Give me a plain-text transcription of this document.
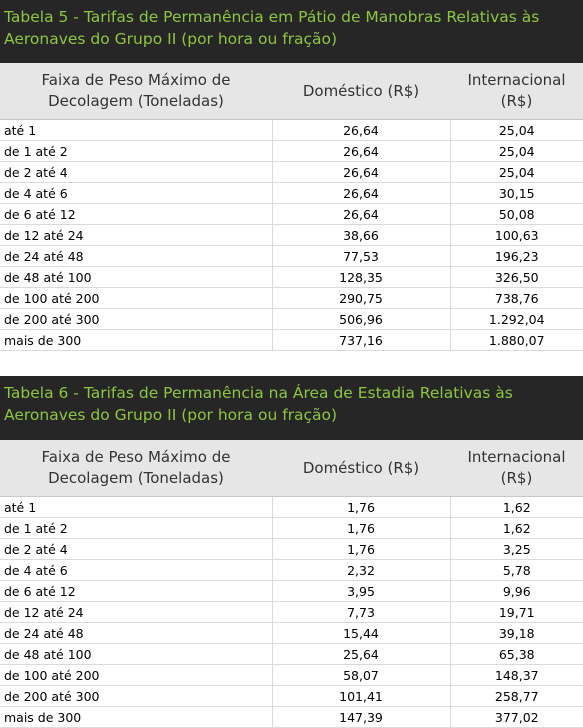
Tabela 5 - Tarifas de Permanência em Pátio de Manobras Relativas às Aeronaves do Grupo II (por hora ou fração)
Faixa de Peso Máximo de Decolagem (Toneladas)	Doméstico (R$)	Internacional (R$)
até 1	26,64	25,04
de 1 até 2	26,64	25,04
de 2 até 4	26,64	25,04
de 4 até 6	26,64	30,15
de 6 até 12	26,64	50,08
de 12 até 24	38,66	100,63
de 24 até 48	77,53	196,23
de 48 até 100	128,35	326,50
de 100 até 200	290,75	738,76
de 200 até 300	506,96	1.292,04
mais de 300	737,16	1.880,07
Tabela 6 - Tarifas de Permanência na Área de Estadia Relativas às Aeronaves do Grupo II (por hora ou fração)
Faixa de Peso Máximo de Decolagem (Toneladas)	Doméstico (R$)	Internacional (R$)
até 1	1,76	1,62
de 1 até 2	1,76	1,62
de 2 até 4	1,76	3,25
de 4 até 6	2,32	5,78
de 6 até 12	3,95	9,96
de 12 até 24	7,73	19,71
de 24 até 48	15,44	39,18
de 48 até 100	25,64	65,38
de 100 até 200	58,07	148,37
de 200 até 300	101,41	258,77
mais de 300	147,39	377,02
